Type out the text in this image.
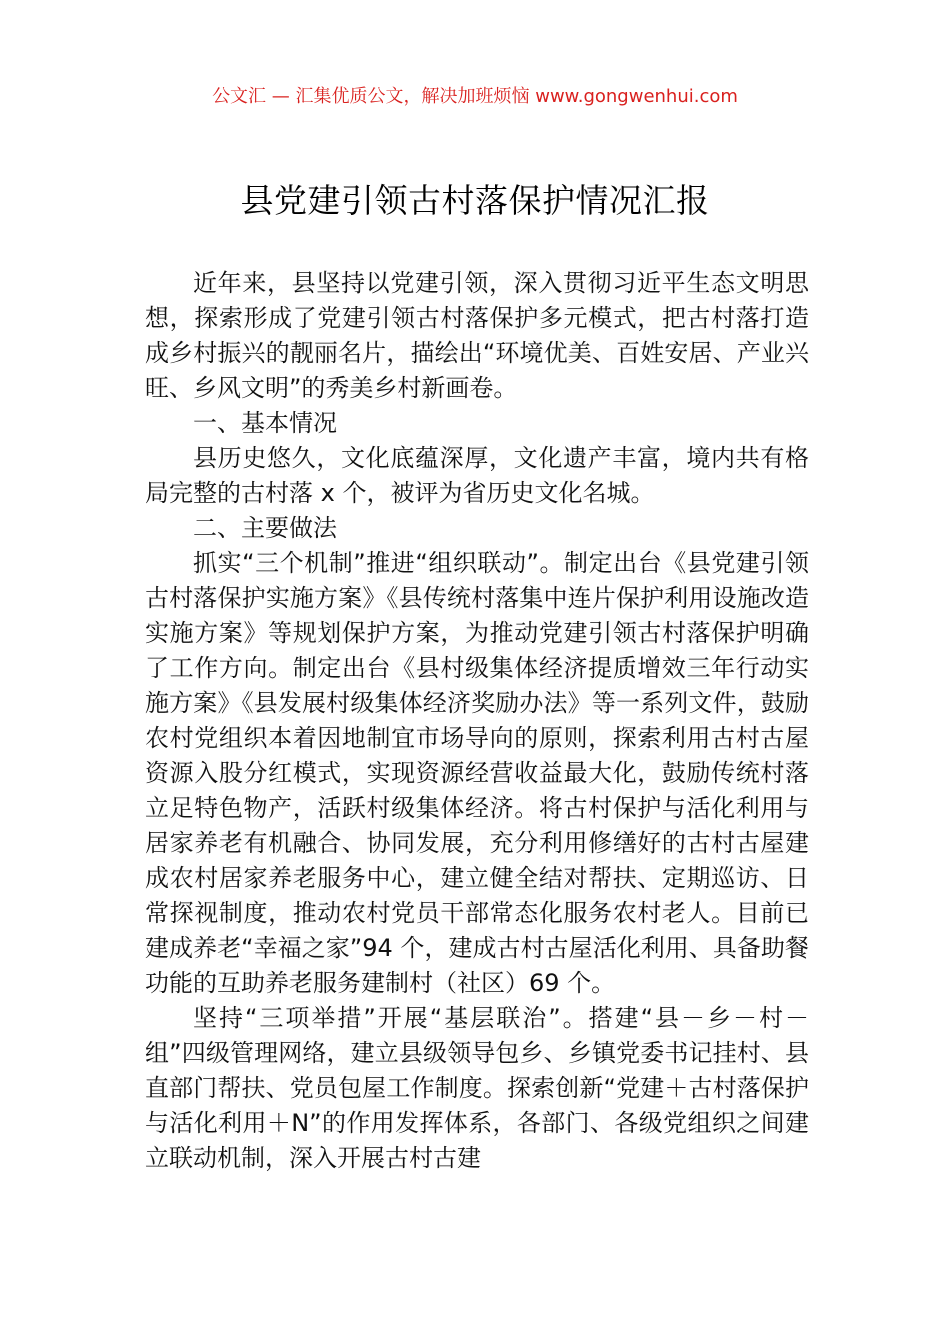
公文汇 — 汇集优质公文，解决加班烦恼 www.gongwenhui.com
县党建引领古村落保护情况汇报

近年来，县坚持以党建引领，深入贯彻习近平生态文明思想，探索形成了党建引领古村落保护多元模式，把古村落打造成乡村振兴的靓丽名片，描绘出“环境优美、百姓安居、产业兴旺、乡风文明”的秀美乡村新画卷。

一、基本情况

县历史悠久，文化底蕴深厚，文化遗产丰富，境内共有格局完整的古村落 x 个，被评为省历史文化名城。

二、主要做法

抓实“三个机制”推进“组织联动”。制定出台《县党建引领古村落保护实施方案》《县传统村落集中连片保护利用设施改造实施方案》等规划保护方案，为推动党建引领古村落保护明确了工作方向。制定出台《县村级集体经济提质增效三年行动实施方案》《县发展村级集体经济奖励办法》等一系列文件，鼓励农村党组织本着因地制宜市场导向的原则，探索利用古村古屋资源入股分红模式，实现资源经营收益最大化，鼓励传统村落立足特色物产，活跃村级集体经济。将古村保护与活化利用与居家养老有机融合、协同发展，充分利用修缮好的古村古屋建成农村居家养老服务中心，建立健全结对帮扶、定期巡访、日常探视制度，推动农村党员干部常态化服务农村老人。目前已建成养老“幸福之家”94 个，建成古村古屋活化利用、具备助餐功能的互助养老服务建制村（社区）69 个。

坚持“三项举措”开展“基层联治”。搭建“县－乡－村－组”四级管理网络，建立县级领导包乡、乡镇党委书记挂村、县直部门帮扶、党员包屋工作制度。探索创新“党建＋古村落保护与活化利用＋N”的作用发挥体系，各部门、各级党组织之间建立联动机制，深入开展古村古建
